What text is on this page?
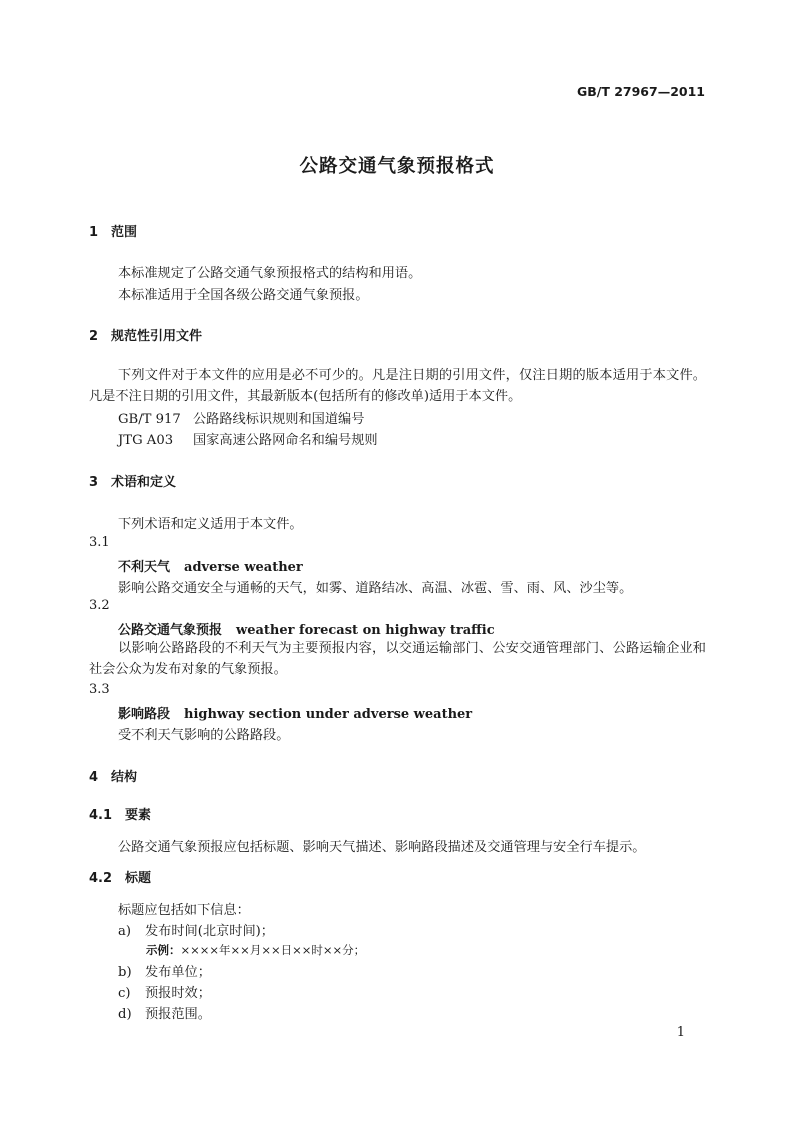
GB/T 27967—2011
公路交通气象预报格式
1 范围
本标准规定了公路交通气象预报格式的结构和用语。
本标准适用于全国各级公路交通气象预报。
2 规范性引用文件
下列文件对于本文件的应用是必不可少的。凡是注日期的引用文件，仅注日期的版本适用于本文件。凡是不注日期的引用文件，其最新版本(包括所有的修改单)适用于本文件。
GB/T 917 公路路线标识规则和国道编号
JTG A03 国家高速公路网命名和编号规则
3 术语和定义
下列术语和定义适用于本文件。
3.1
不利天气 adverse weather
影响公路交通安全与通畅的天气，如雾、道路结冰、高温、冰雹、雪、雨、风、沙尘等。
3.2
公路交通气象预报 weather forecast on highway traffic
以影响公路路段的不利天气为主要预报内容，以交通运输部门、公安交通管理部门、公路运输企业和社会公众为发布对象的气象预报。
3.3
影响路段 highway section under adverse weather
受不利天气影响的公路路段。
4 结构
4.1 要素
公路交通气象预报应包括标题、影响天气描述、影响路段描述及交通管理与安全行车提示。
4.2 标题
标题应包括如下信息：
a) 发布时间(北京时间)；
示例：××××年××月××日××时××分；
b) 发布单位；
c) 预报时效；
d) 预报范围。
1
